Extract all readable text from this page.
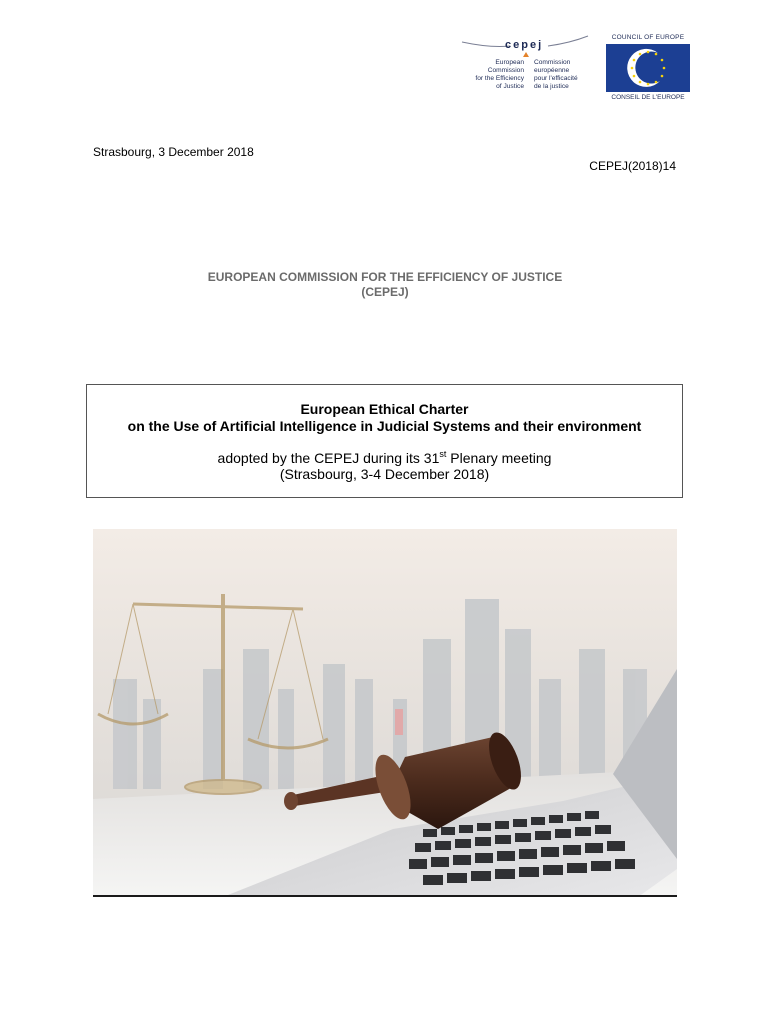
cepej
European
Commission
for the Efficiency
of Justice
Commission
européenne
pour l'efficacité
de la justice
COUNCIL OF EUROPE
CONSEIL DE L'EUROPE
Strasbourg, 3 December 2018
CEPEJ(2018)14
EUROPEAN COMMISSION FOR THE EFFICIENCY OF JUSTICE
(CEPEJ)
European Ethical Charter
on the Use of Artificial Intelligence in Judicial Systems and their environment
adopted by the CEPEJ during its 31st Plenary meeting
(Strasbourg, 3-4 December 2018)
